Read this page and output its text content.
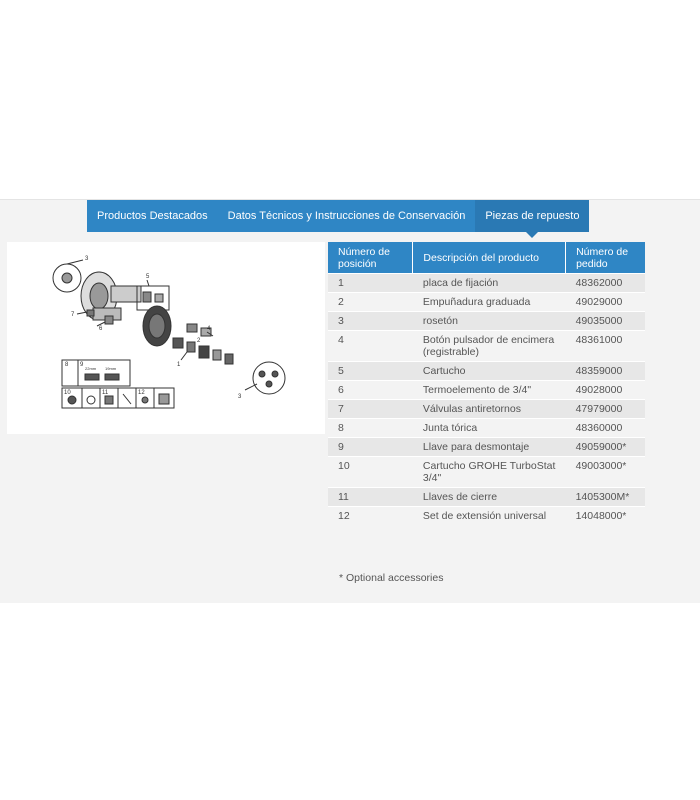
Productos Destacados	Datos Técnicos y Instrucciones de Conservación	Piezas de repuesto
3
5
7
6	4
2
1
3
8 9
10	11	12
22mm 19mm
Número de posición	Descripción del producto	Número de pedido
1	placa de fijación	48362000
2	Empuñadura graduada	49029000
3	rosetón	49035000
4	Botón pulsador de encimera (registrable)	48361000
5	Cartucho	48359000
6	Termoelemento de 3/4"	49028000
7	Válvulas antiretornos	47979000
8	Junta tórica	48360000
9	Llave para desmontaje	49059000*
10	Cartucho GROHE TurboStat 3/4"	49003000*
11	Llaves de cierre	1405300M*
12	Set de extensión universal	14048000*
* Optional accessories
